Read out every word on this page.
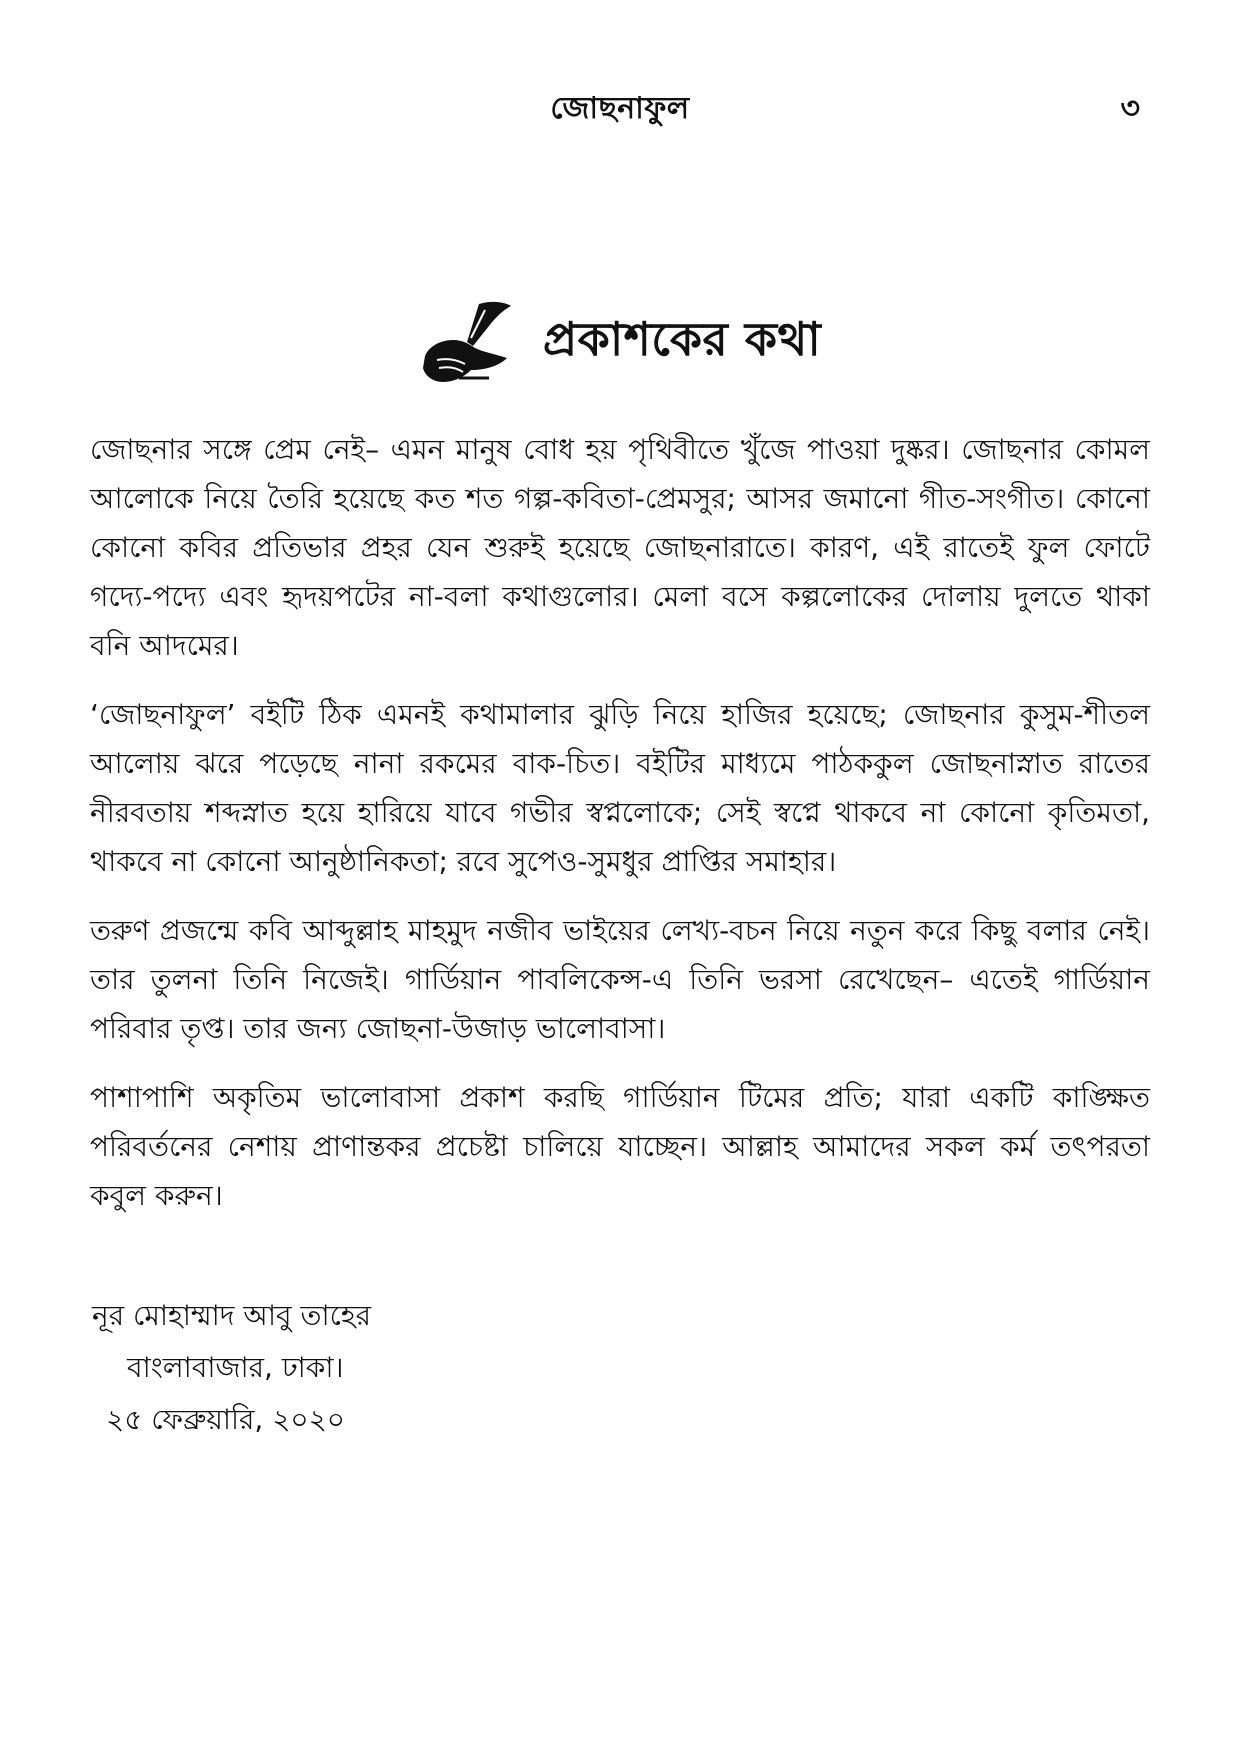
জোছনাফুল	৩
প্রকাশকের কথা

জোছনার সঙ্গে প্রেম নেই– এমন মানুষ বোধ হয় পৃথিবীতে খুঁজে পাওয়া দুষ্কর। জোছনার কোমল আলোকে নিয়ে তৈরি হয়েছে কত শত গল্প-কবিতা-প্রেমসুর; আসর জমানো গীত-সংগীত। কোনো কোনো কবির প্রতিভার প্রহর যেন শুরুই হয়েছে জোছনারাতে। কারণ, এই রাতেই ফুল ফোটে গদ্যে-পদ্যে এবং হৃদয়পটের না-বলা কথাগুলোর। মেলা বসে কল্পলোকের দোলায় দুলতে থাকা বনি আদমের।

‘জোছনাফুল’ বইটি ঠিক এমনই কথামালার ঝুড়ি নিয়ে হাজির হয়েছে; জোছনার কুসুম-শীতল আলোয় ঝরে পড়েছে নানা রকমের বাক-চিত। বইটির মাধ্যমে পাঠককুল জোছনাস্নাত রাতের নীরবতায় শব্দস্নাত হয়ে হারিয়ে যাবে গভীর স্বপ্নলোকে; সেই স্বপ্নে থাকবে না কোনো কৃতিমতা, থাকবে না কোনো আনুষ্ঠানিকতা; রবে সুপেও-সুমধুর প্রাপ্তির সমাহার।

তরুণ প্রজন্মে কবি আব্দুল্লাহ মাহমুদ নজীব ভাইয়ের লেখ্য-বচন নিয়ে নতুন করে কিছু বলার নেই। তার তুলনা তিনি নিজেই। গার্ডিয়ান পাবলিকেন্স-এ তিনি ভরসা রেখেছেন– এতেই গার্ডিয়ান পরিবার তৃপ্ত। তার জন্য জোছনা-উজাড় ভালোবাসা।

পাশাপাশি অকৃতিম ভালোবাসা প্রকাশ করছি গার্ডিয়ান টিমের প্রতি; যারা একটি কাঙ্ক্ষিত পরিবর্তনের নেশায় প্রাণান্তকর প্রচেষ্টা চালিয়ে যাচ্ছেন। আল্লাহ আমাদের সকল কর্ম তৎপরতা কবুল করুন।

নূর মোহাম্মাদ আবু তাহের
বাংলাবাজার, ঢাকা।
২৫ ফেব্রুয়ারি, ২০২০
